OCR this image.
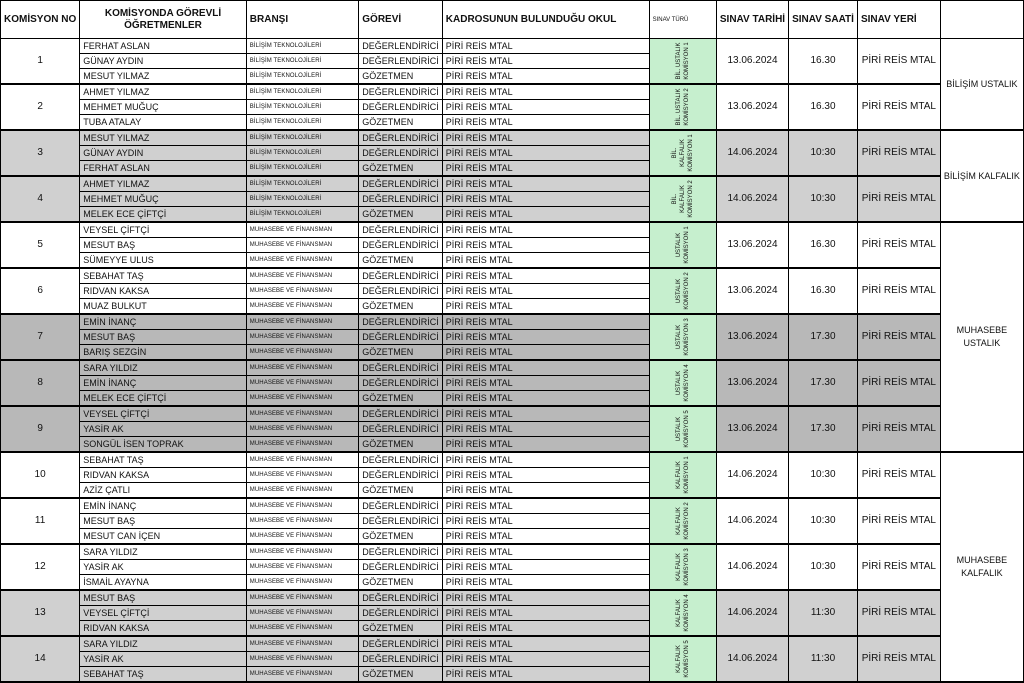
KOMİSYON NO	KOMİSYONDA GÖREVLİ ÖĞRETMENLER	BRANŞI	GÖREVİ	KADROSUNUN BULUNDUĞU OKUL	SINAV TÜRÜ	SINAV TARİHİ	SINAV SAATİ	SINAV YERİ	
1	FERHAT ASLAN	BİLİŞİM TEKNOLOJİLERİ	DEĞERLENDİRİCİ	PİRİ REİS MTAL	BİL. USTALIK KOMİSYON 1	13.06.2024	16.30	PİRİ REİS MTAL	BİLİŞİM USTALIK
	GÜNAY AYDIN	BİLİŞİM TEKNOLOJİLERİ	DEĞERLENDİRİCİ	PİRİ REİS MTAL					
	MESUT YILMAZ	BİLİŞİM TEKNOLOJİLERİ	GÖZETMEN	PİRİ REİS MTAL					
2	AHMET YILMAZ	BİLİŞİM TEKNOLOJİLERİ	DEĞERLENDİRİCİ	PİRİ REİS MTAL	BİL. USTALIK KOMİSYON 2	13.06.2024	16.30	PİRİ REİS MTAL	
	MEHMET MUĞUÇ	BİLİŞİM TEKNOLOJİLERİ	DEĞERLENDİRİCİ	PİRİ REİS MTAL					
	TUBA ATALAY	BİLİŞİM TEKNOLOJİLERİ	GÖZETMEN	PİRİ REİS MTAL					
3	MESUT YILMAZ	BİLİŞİM TEKNOLOJİLERİ	DEĞERLENDİRİCİ	PİRİ REİS MTAL	BİL. KALFALIK KOMİSYON 1	14.06.2024	10:30	PİRİ REİS MTAL	BİLİŞİM KALFALIK
	GÜNAY AYDIN	BİLİŞİM TEKNOLOJİLERİ	DEĞERLENDİRİCİ	PİRİ REİS MTAL					
	FERHAT ASLAN	BİLİŞİM TEKNOLOJİLERİ	GÖZETMEN	PİRİ REİS MTAL					
4	AHMET YILMAZ	BİLİŞİM TEKNOLOJİLERİ	DEĞERLENDİRİCİ	PİRİ REİS MTAL	BİL. KALFALIK KOMİSYON 2	14.06.2024	10:30	PİRİ REİS MTAL	
	MEHMET MUĞUÇ	BİLİŞİM TEKNOLOJİLERİ	DEĞERLENDİRİCİ	PİRİ REİS MTAL					
	MELEK ECE ÇİFTÇİ	BİLİŞİM TEKNOLOJİLERİ	GÖZETMEN	PİRİ REİS MTAL					
5	VEYSEL ÇİFTÇİ	MUHASEBE VE FİNANSMAN	DEĞERLENDİRİCİ	PİRİ REİS MTAL	USTALIK KOMİSYON 1	13.06.2024	16.30	PİRİ REİS MTAL	MUHASEBE USTALIK
	MESUT BAŞ	MUHASEBE VE FİNANSMAN	DEĞERLENDİRİCİ	PİRİ REİS MTAL					
	SÜMEYYE ULUS	MUHASEBE VE FİNANSMAN	GÖZETMEN	PİRİ REİS MTAL					
6	SEBAHAT TAŞ	MUHASEBE VE FİNANSMAN	DEĞERLENDİRİCİ	PİRİ REİS MTAL	USTALIK KOMİSYON 2	13.06.2024	16.30	PİRİ REİS MTAL	
	RIDVAN KAKSA	MUHASEBE VE FİNANSMAN	DEĞERLENDİRİCİ	PİRİ REİS MTAL					
	MUAZ BULKUT	MUHASEBE VE FİNANSMAN	GÖZETMEN	PİRİ REİS MTAL					
7	EMİN İNANÇ	MUHASEBE VE FİNANSMAN	DEĞERLENDİRİCİ	PİRİ REİS MTAL	USTALIK KOMİSYON 3	13.06.2024	17.30	PİRİ REİS MTAL	
	MESUT BAŞ	MUHASEBE VE FİNANSMAN	DEĞERLENDİRİCİ	PİRİ REİS MTAL					
	BARIŞ SEZGİN	MUHASEBE VE FİNANSMAN	GÖZETMEN	PİRİ REİS MTAL					
8	SARA YILDIZ	MUHASEBE VE FİNANSMAN	DEĞERLENDİRİCİ	PİRİ REİS MTAL	USTALIK KOMİSYON 4	13.06.2024	17.30	PİRİ REİS MTAL	
	EMİN İNANÇ	MUHASEBE VE FİNANSMAN	DEĞERLENDİRİCİ	PİRİ REİS MTAL					
	MELEK ECE ÇİFTÇİ	MUHASEBE VE FİNANSMAN	GÖZETMEN	PİRİ REİS MTAL					
9	VEYSEL ÇİFTÇİ	MUHASEBE VE FİNANSMAN	DEĞERLENDİRİCİ	PİRİ REİS MTAL	USTALIK KOMİSYON 5	13.06.2024	17.30	PİRİ REİS MTAL	
	YASİR AK	MUHASEBE VE FİNANSMAN	DEĞERLENDİRİCİ	PİRİ REİS MTAL					
	SONGÜL İSEN TOPRAK	MUHASEBE VE FİNANSMAN	GÖZETMEN	PİRİ REİS MTAL					
10	SEBAHAT TAŞ	MUHASEBE VE FİNANSMAN	DEĞERLENDİRİCİ	PİRİ REİS MTAL	KALFALIK KOMİSYON 1	14.06.2024	10:30	PİRİ REİS MTAL	MUHASEBE KALFALIK
	RIDVAN KAKSA	MUHASEBE VE FİNANSMAN	DEĞERLENDİRİCİ	PİRİ REİS MTAL					
	AZİZ ÇATLI	MUHASEBE VE FİNANSMAN	GÖZETMEN	PİRİ REİS MTAL					
11	EMİN İNANÇ	MUHASEBE VE FİNANSMAN	DEĞERLENDİRİCİ	PİRİ REİS MTAL	KALFALIK KOMİSYON 2	14.06.2024	10:30	PİRİ REİS MTAL	
	MESUT BAŞ	MUHASEBE VE FİNANSMAN	DEĞERLENDİRİCİ	PİRİ REİS MTAL					
	MESUT CAN İÇEN	MUHASEBE VE FİNANSMAN	GÖZETMEN	PİRİ REİS MTAL					
12	SARA YILDIZ	MUHASEBE VE FİNANSMAN	DEĞERLENDİRİCİ	PİRİ REİS MTAL	KALFALIK KOMİSYON 3	14.06.2024	10:30	PİRİ REİS MTAL	
	YASİR AK	MUHASEBE VE FİNANSMAN	DEĞERLENDİRİCİ	PİRİ REİS MTAL					
	İSMAİL AYAYNA	MUHASEBE VE FİNANSMAN	GÖZETMEN	PİRİ REİS MTAL					
13	MESUT BAŞ	MUHASEBE VE FİNANSMAN	DEĞERLENDİRİCİ	PİRİ REİS MTAL	KALFALIK KOMİSYON 4	14.06.2024	11:30	PİRİ REİS MTAL	
	VEYSEL ÇİFTÇİ	MUHASEBE VE FİNANSMAN	DEĞERLENDİRİCİ	PİRİ REİS MTAL					
	RIDVAN KAKSA	MUHASEBE VE FİNANSMAN	GÖZETMEN	PİRİ REİS MTAL					
14	SARA YILDIZ	MUHASEBE VE FİNANSMAN	DEĞERLENDİRİCİ	PİRİ REİS MTAL	KALFALIK KOMİSYON 5	14.06.2024	11:30	PİRİ REİS MTAL	
	YASİR AK	MUHASEBE VE FİNANSMAN	DEĞERLENDİRİCİ	PİRİ REİS MTAL					
	SEBAHAT TAŞ	MUHASEBE VE FİNANSMAN	GÖZETMEN	PİRİ REİS MTAL					
